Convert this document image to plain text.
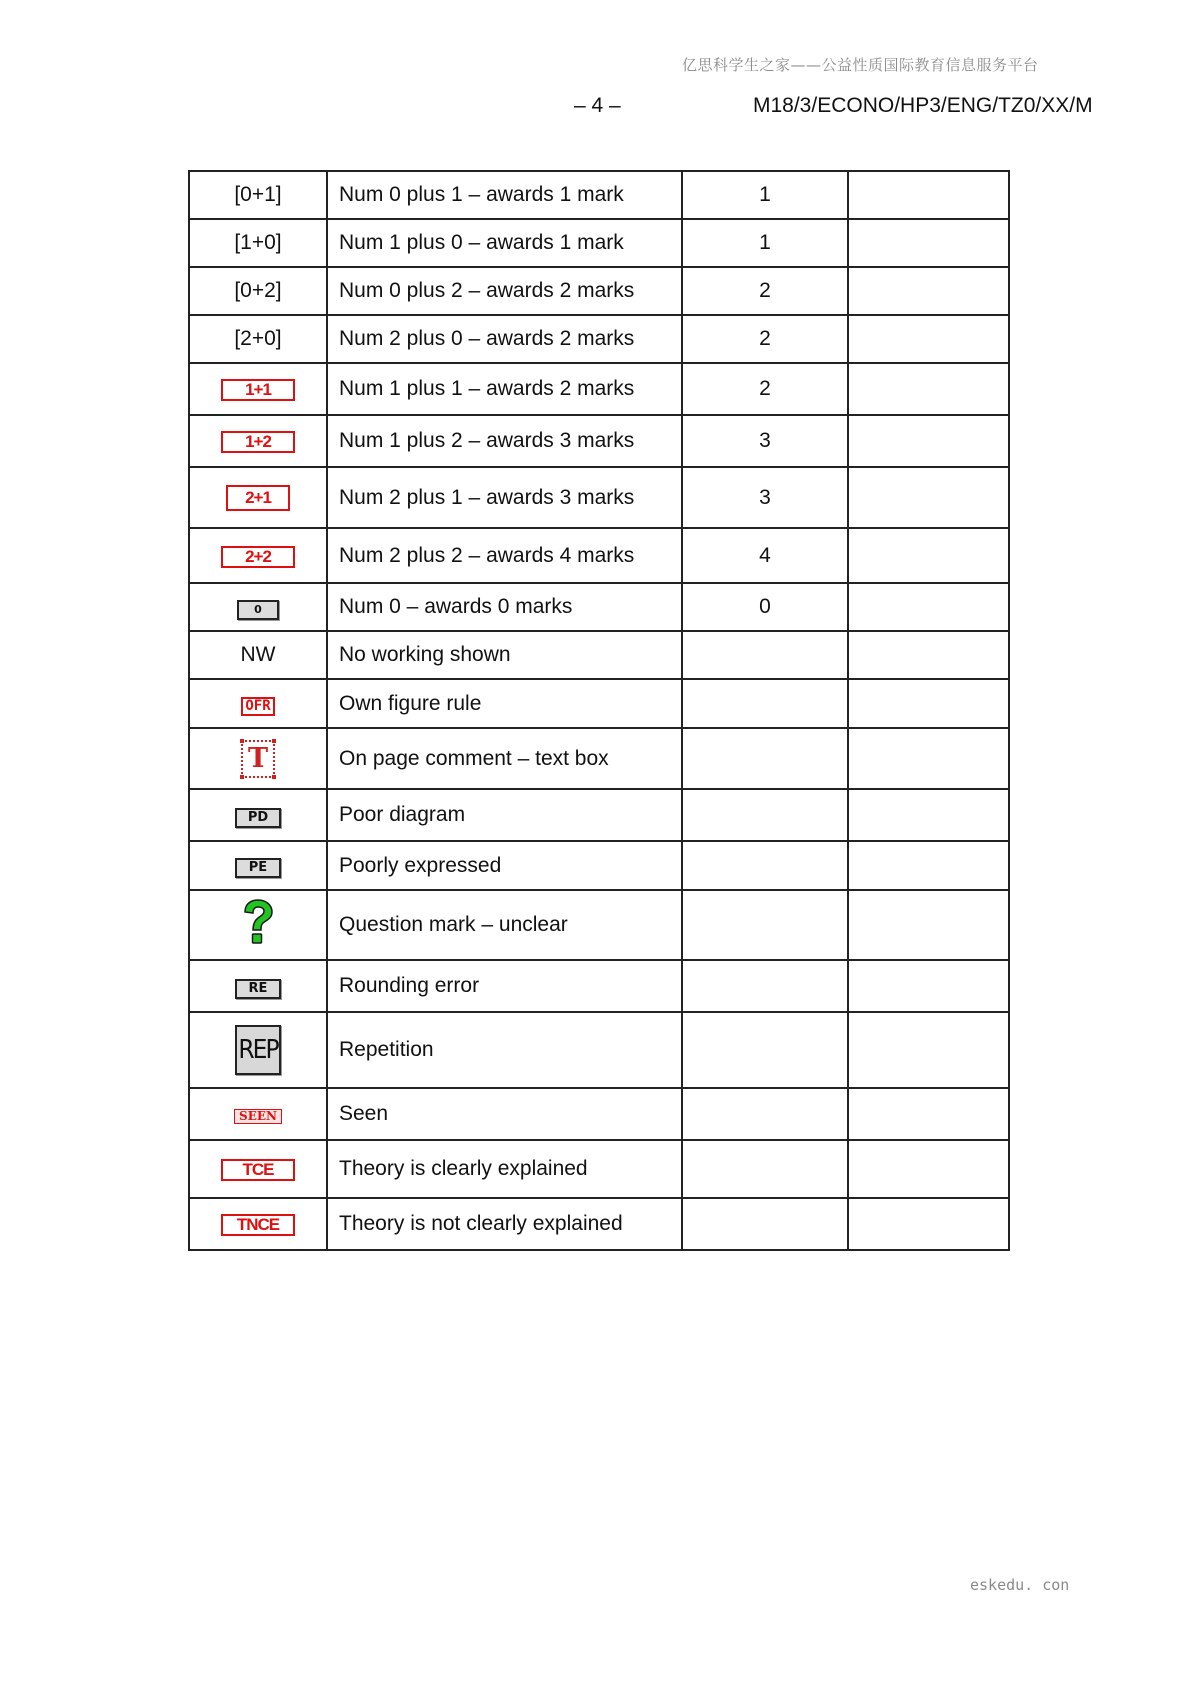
亿思科学生之家——公益性质国际教育信息服务平台
– 4 –	M18/3/ECONO/HP3/ENG/TZ0/XX/M
[0+1]	Num 0 plus 1 – awards 1 mark	1	
[1+0]	Num 1 plus 0 – awards 1 mark	1	
[0+2]	Num 0 plus 2 – awards 2 marks	2	
[2+0]	Num 2 plus 0 – awards 2 marks	2	
1+1	Num 1 plus 1 – awards 2 marks	2	
1+2	Num 1 plus 2 – awards 3 marks	3	
2+1	Num 2 plus 1 – awards 3 marks	3	
2+2	Num 2 plus 2 – awards 4 marks	4	
0	Num 0 – awards 0 marks	0	
NW	No working shown		
OFR	Own figure rule		

T	On page comment – text box		
PD	Poor diagram		
PE	Poorly expressed		
	Question mark – unclear		
RE	Rounding error		
REP	Repetition		
SEEN	Seen		
TCE	Theory is clearly explained		
TNCE	Theory is not clearly explained		
eskedu. con
